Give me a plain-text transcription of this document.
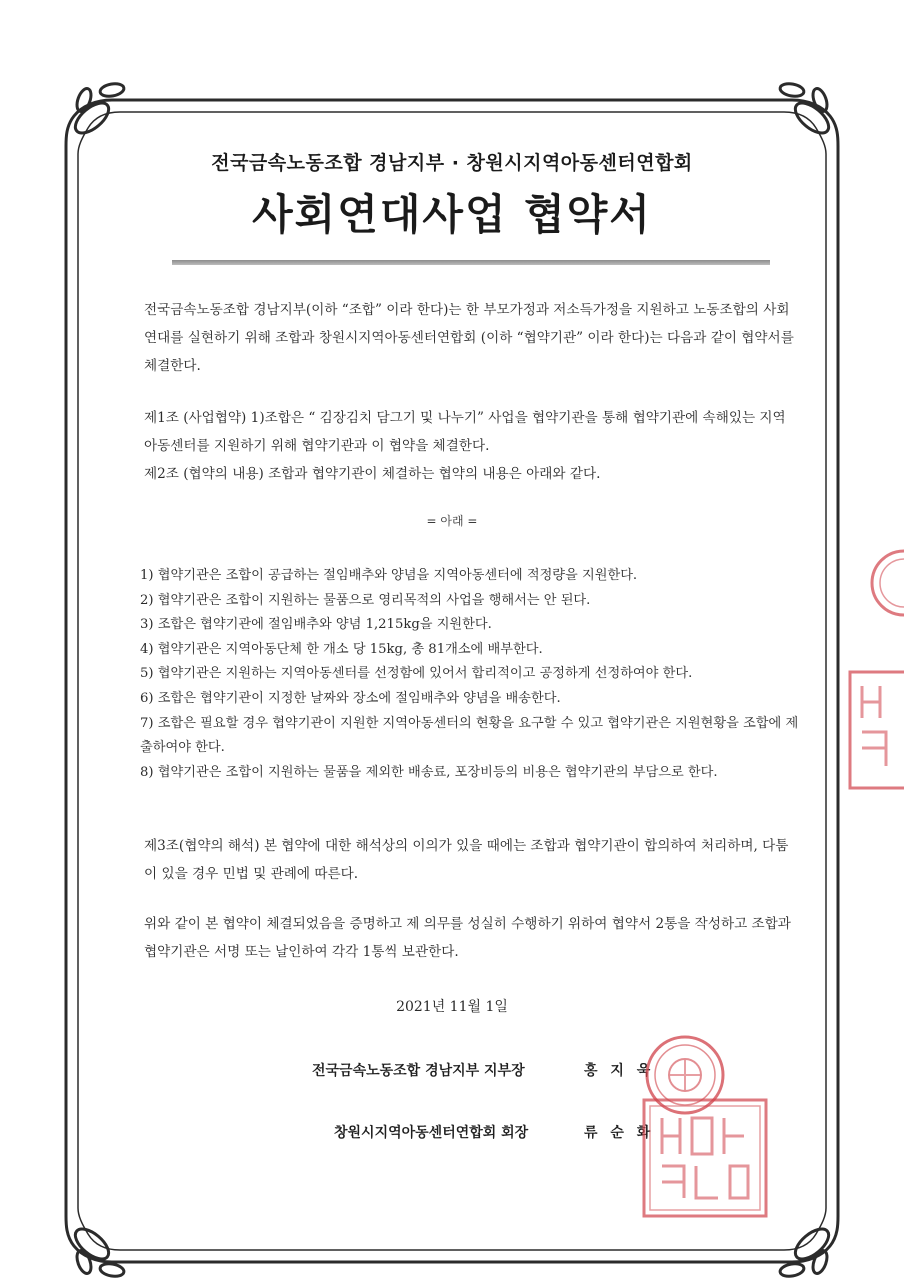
전국금속노동조합 경남지부 · 창원시지역아동센터연합회
사회연대사업 협약서

전국금속노동조합 경남지부(이하 “조합” 이라 한다)는 한 부모가정과 저소득가정을 지원하고 노동조합의 사회연대를 실현하기 위해 조합과 창원시지역아동센터연합회 (이하 “협약기관” 이라 한다)는 다음과 같이 협약서를 체결한다.

제1조 (사업협약) 1)조합은 “ 김장김치 담그기 및 나누기” 사업을 협약기관을 통해 협약기관에 속해있는 지역아동센터를 지원하기 위해 협약기관과 이 협약을 체결한다.

제2조 (협약의 내용) 조합과 협약기관이 체결하는 협약의 내용은 아래와 같다.

= 아래 =
1) 협약기관은 조합이 공급하는 절임배추와 양념을 지역아동센터에 적정량을 지원한다.
2) 협약기관은 조합이 지원하는 물품으로 영리목적의 사업을 행해서는 안 된다.
3) 조합은 협약기관에 절임배추와 양념 1,215kg을 지원한다.
4) 협약기관은 지역아동단체 한 개소 당 15kg, 총 81개소에 배부한다.
5) 협약기관은 지원하는 지역아동센터를 선정함에 있어서 합리적이고 공정하게 선정하여야 한다.
6) 조합은 협약기관이 지정한 날짜와 장소에 절임배추와 양념을 배송한다.
7) 조합은 필요할 경우 협약기관이 지원한 지역아동센터의 현황을 요구할 수 있고 협약기관은 지원현황을 조합에 제출하여야 한다.
8) 협약기관은 조합이 지원하는 물품을 제외한 배송료, 포장비등의 비용은 협약기관의 부담으로 한다.

제3조(협약의 해석) 본 협약에 대한 해석상의 이의가 있을 때에는 조합과 협약기관이 합의하여 처리하며, 다툼이 있을 경우 민법 및 관례에 따른다.

위와 같이 본 협약이 체결되었음을 증명하고 제 의무를 성실히 수행하기 위하여 협약서 2통을 작성하고 조합과 협약기관은 서명 또는 날인하여 각각 1통씩 보관한다.

2021년 11월 1일
전국금속노동조합 경남지부 지부장	홍 지 욱
창원시지역아동센터연합회 회장	류 순 화
